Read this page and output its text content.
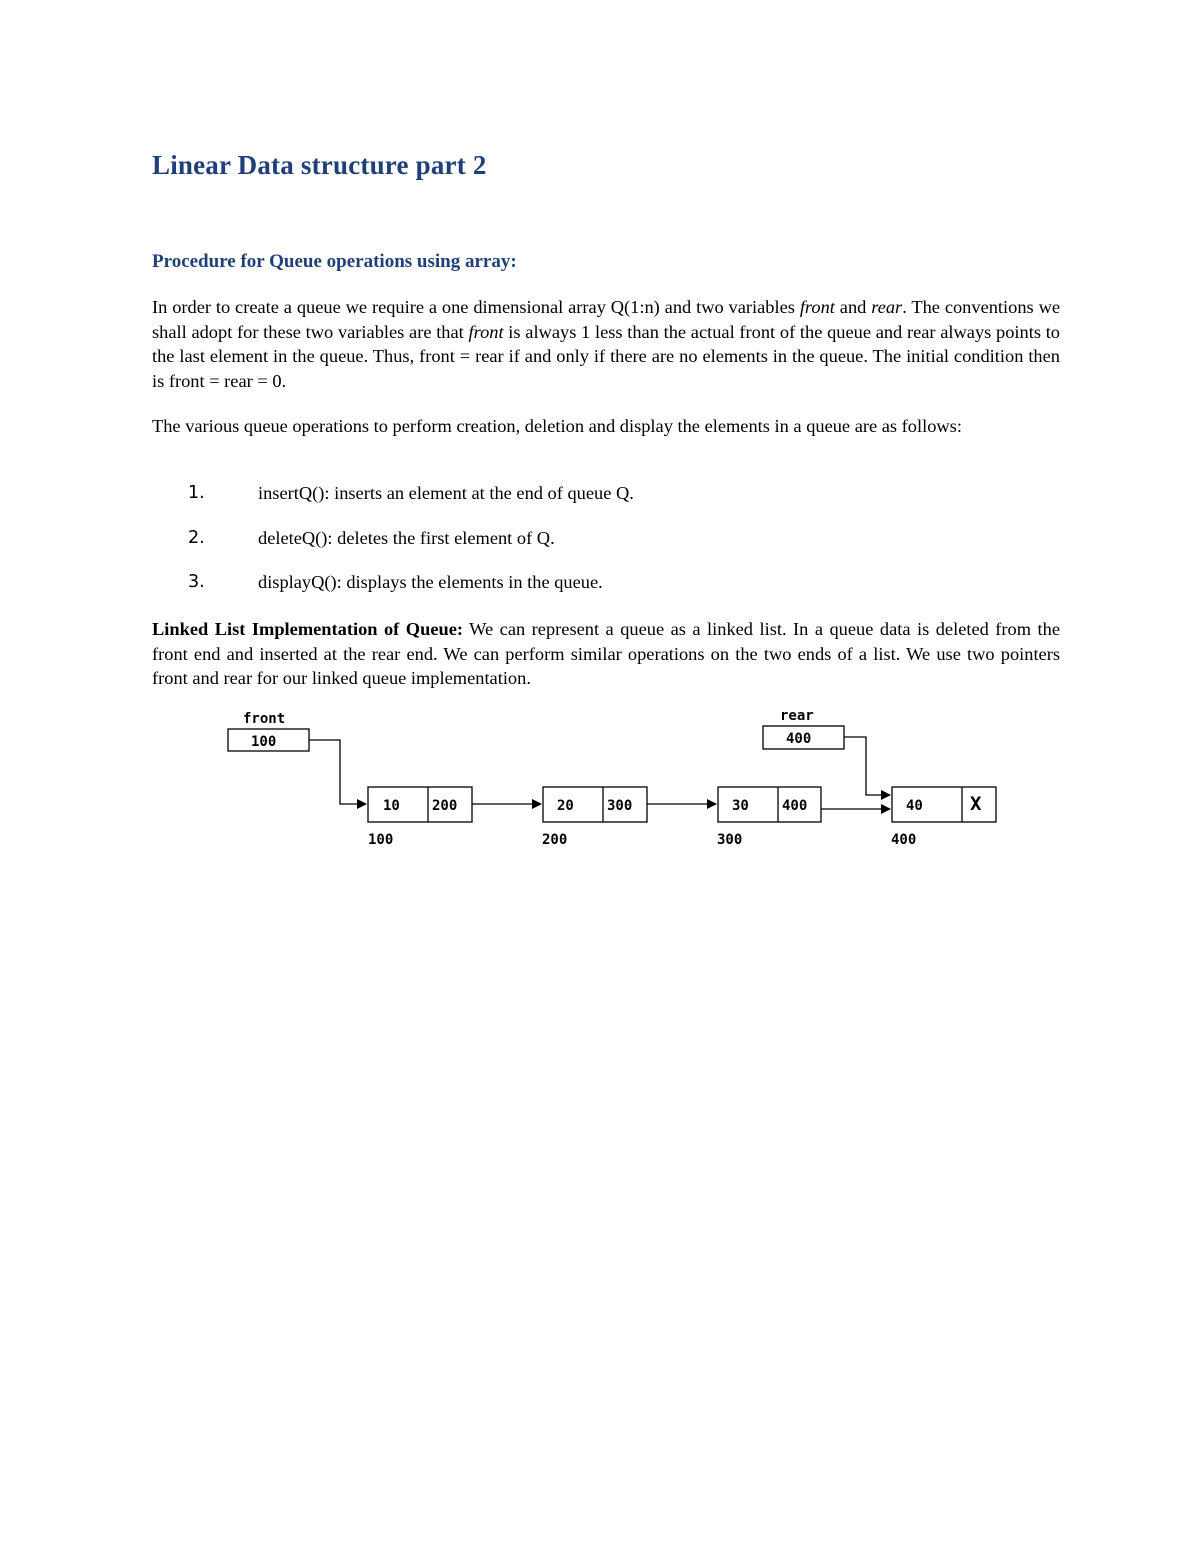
Linear Data structure part 2
Procedure for Queue operations using array:

In order to create a queue we require a one dimensional array Q(1:n) and two variables front and rear. The conventions we shall adopt for these two variables are that front is always 1 less than the actual front of the queue and rear always points to the last element in the queue. Thus, front = rear if and only if there are no elements in the queue. The initial condition then is front = rear = 0.

The various queue operations to perform creation, deletion and display the elements in a queue are as follows:

1.	insertQ(): inserts an element at the end of queue Q.
2.	deleteQ(): deletes the first element of Q.
3.	displayQ(): displays the elements in the queue.

Linked List Implementation of Queue: We can represent a queue as a linked list. In a queue data is deleted from the front end and inserted at the rear end. We can perform similar operations on the two ends of a list. We use two pointers front and rear for our linked queue implementation.

front
100
rear
400
10 200
100
20 300
200
30 400
300
40 X
400
